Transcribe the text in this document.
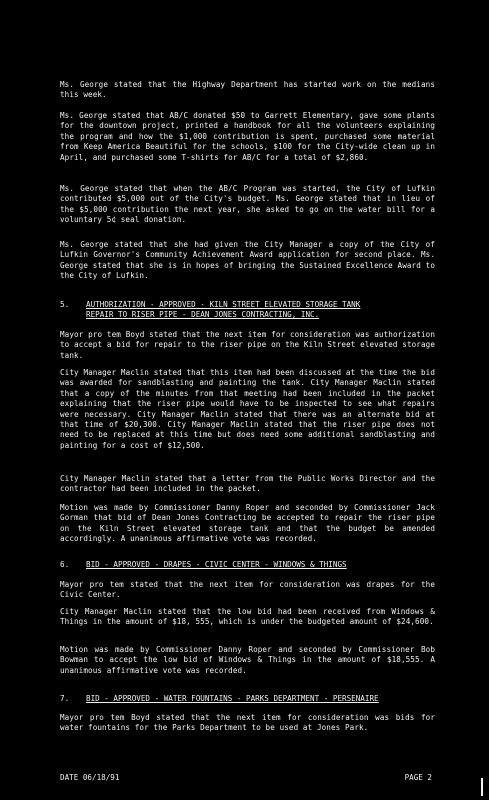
Ms. George stated that the Highway Department has started work on the medians this week.

Ms. George stated that AB/C donated $50 to Garrett Elementary, gave some plants for the downtown project, printed a handbook for all the volunteers explaining the program and how the $1,000 contribution is spent, purchased some material from Keep America Beautiful for the schools, $100 for the City-wide clean up in April, and purchased some T-shirts for AB/C for a total of $2,860.

Ms. George stated that when the AB/C Program was started, the City of Lufkin contributed $5,000 out of the City's budget. Ms. George stated that in lieu of the $5,000 contribution the next year, she asked to go on the water bill for a voluntary 5¢ seal donation.

Ms. George stated that she had given the City Manager a copy of the City of Lufkin Governor's Community Achievement Award application for second place. Ms. George stated that she is in hopes of bringing the Sustained Excellence Award to the City of Lufkin.

5. AUTHORIZATION - APPROVED - KILN STREET ELEVATED STORAGE TANK
REPAIR TO RISER PIPE - DEAN JONES CONTRACTING, INC.

Mayor pro tem Boyd stated that the next item for consideration was authorization to accept a bid for repair to the riser pipe on the Kiln Street elevated storage tank.

City Manager Maclin stated that this item had been discussed at the time the bid was awarded for sandblasting and painting the tank. City Manager Maclin stated that a copy of the minutes from that meeting had been included in the packet explaining that the riser pipe would have to be inspected to see what repairs were necessary. City Manager Maclin stated that there was an alternate bid at that time of $20,300. City Manager Maclin stated that the riser pipe does not need to be replaced at this time but does need some additional sandblasting and painting for a cost of $12,500.

City Manager Maclin stated that a letter from the Public Works Director and the contractor had been included in the packet.

Motion was made by Commissioner Danny Roper and seconded by Commissioner Jack Gorman that bid of Dean Jones Contracting be accepted to repair the riser pipe on the Kiln Street elevated storage tank and that the budget be amended accordingly. A unanimous affirmative vote was recorded.

6. BID - APPROVED - DRAPES - CIVIC CENTER - WINDOWS & THINGS

Mayor pro tem stated that the next item for consideration was drapes for the Civic Center.

City Manager Maclin stated that the low bid had been received from Windows & Things in the amount of $18, 555, which is under the budgeted amount of $24,600.

Motion was made by Commissioner Danny Roper and seconded by Commissioner Bob Bowman to accept the low bid of Windows & Things in the amount of $18,555. A unanimous affirmative vote was recorded.

7. BID - APPROVED - WATER FOUNTAINS - PARKS DEPARTMENT - PERSENAIRE

Mayor pro tem Boyd stated that the next item for consideration was bids for water fountains for the Parks Department to be used at Jones Park.

DATE 06/18/91	PAGE 2
